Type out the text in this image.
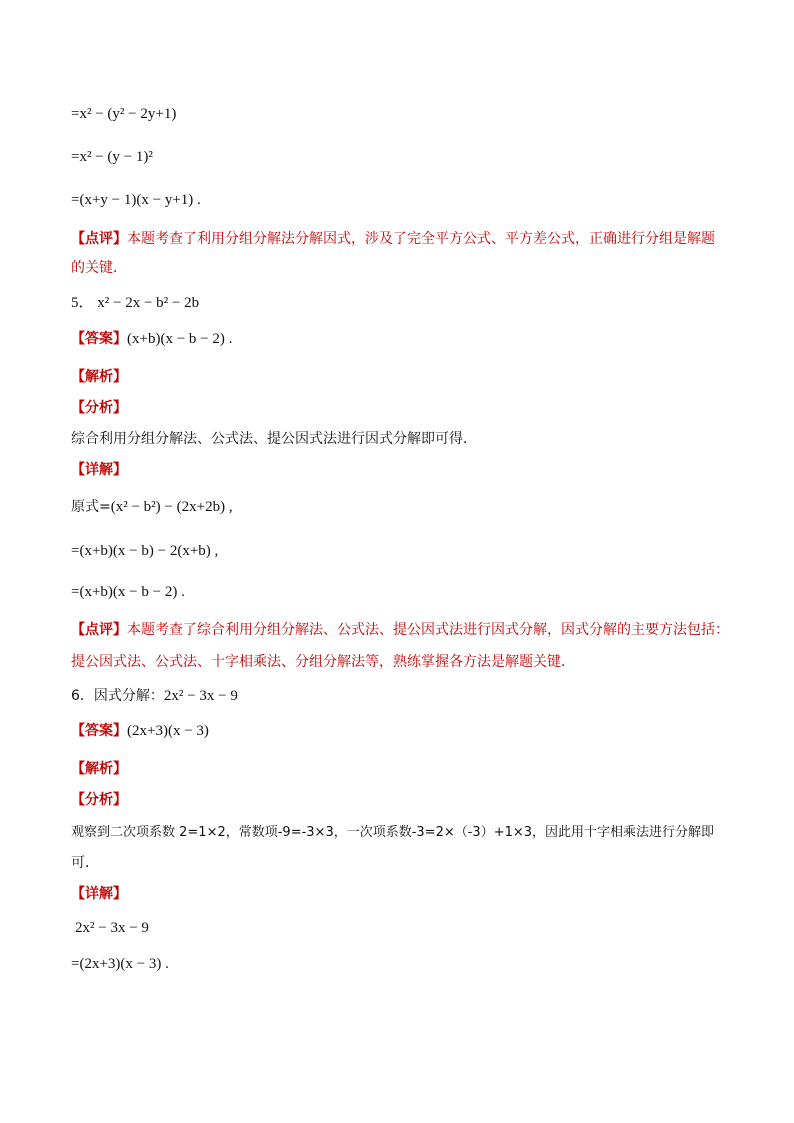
=x² − (y² − 2y+1)
=x² − (y − 1)²
=(x+y − 1)(x − y+1) .
【点评】本题考查了利用分组分解法分解因式，涉及了完全平方公式、平方差公式，正确进行分组是解题
的关键．
5． x² − 2x − b² − 2b
【答案】(x+b)(x − b − 2) .
【解析】
【分析】
综合利用分组分解法、公式法、提公因式法进行因式分解即可得．
【详解】
原式=(x² − b²) − (2x+2b) ,
=(x+b)(x − b) − 2(x+b) ,
=(x+b)(x − b − 2) .
【点评】本题考查了综合利用分组分解法、公式法、提公因式法进行因式分解，因式分解的主要方法包括：
提公因式法、公式法、十字相乘法、分组分解法等，熟练掌握各方法是解题关键．
6．因式分解：2x² − 3x − 9
【答案】(2x+3)(x − 3)
【解析】
【分析】
观察到二次项系数 2=1×2，常数项-9=-3×3，一次项系数-3=2×（-3）+1×3，因此用十字相乘法进行分解即
可．
【详解】
2x² − 3x − 9
=(2x+3)(x − 3) .
